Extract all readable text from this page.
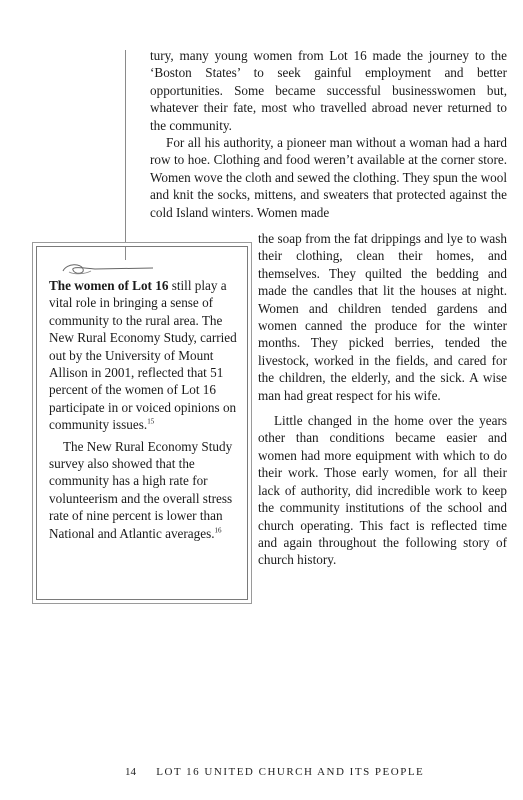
tury, many young women from Lot 16 made the journey to the ‘Boston States’ to seek gainful employment and better opportunities. Some became successful businesswomen but, whatever their fate, most who travelled abroad never returned to the community.

For all his authority, a pioneer man without a woman had a hard row to hoe. Clothing and food weren’t available at the corner store. Women wove the cloth and sewed the clothing. They spun the wool and knit the socks, mittens, and sweaters that protected against the cold Island winters. Women made

the soap from the fat drippings and lye to wash their clothing, clean their homes, and themselves. They quilted the bedding and made the candles that lit the houses at night. Women and children tended gardens and women canned the produce for the winter months. They picked berries, tended the livestock, worked in the fields, and cared for the children, the elderly, and the sick. A wise man had great respect for his wife.

Little changed in the home over the years other than conditions became easier and women had more equipment with which to do their work. Those early women, for all their lack of authority, did incredible work to keep the community institutions of the school and church operating. This fact is reflected time and again throughout the following story of church history.

The women of Lot 16 still play a vital role in bringing a sense of community to the rural area. The New Rural Economy Study, carried out by the University of Mount Allison in 2001, reflected that 51 percent of the women of Lot 16 participate in or voiced opinions on community issues.$^{15}$

The New Rural Economy Study survey also showed that the community has a high rate for volunteerism and the overall stress rate of nine percent is lower than National and Atlantic averages.$^{16}$

14 LOT 16 UNITED CHURCH AND ITS PEOPLE
